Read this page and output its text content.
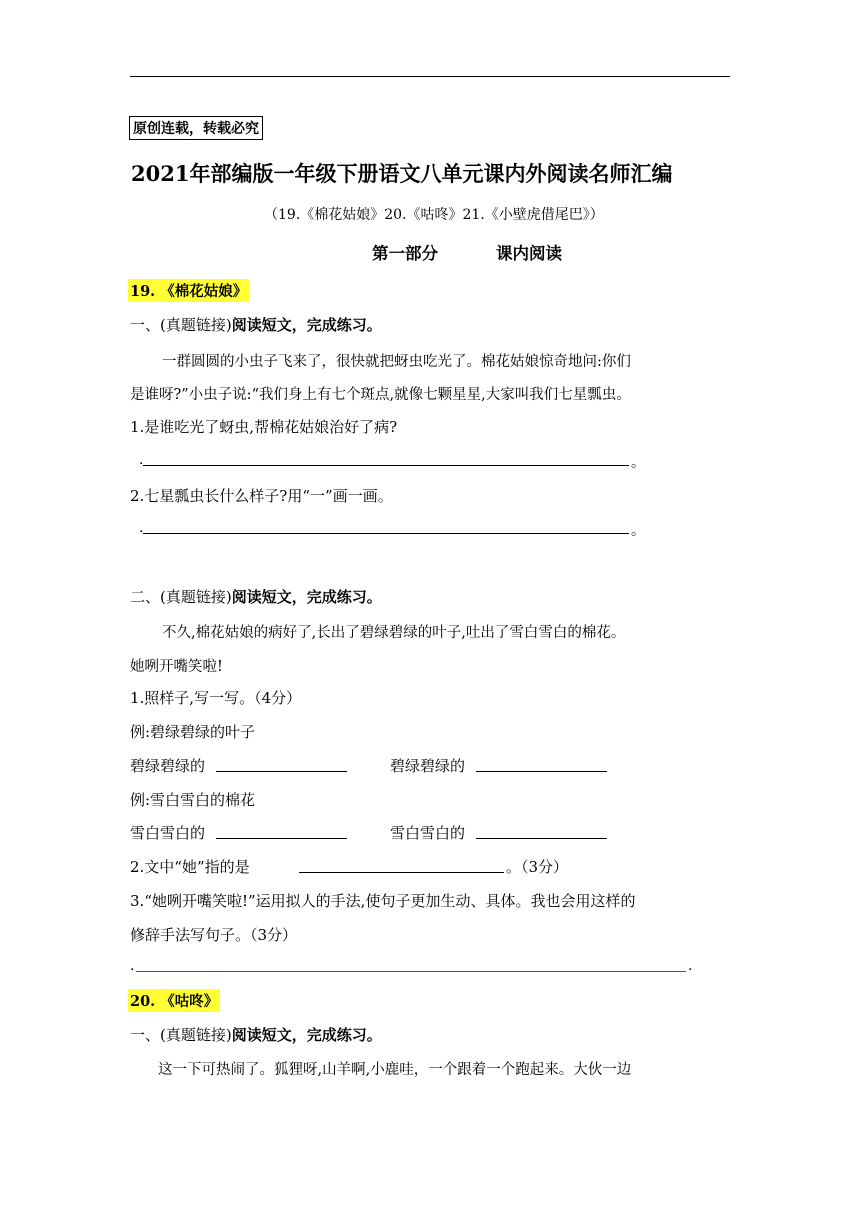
原创连载，转载必究
2021年部编版一年级下册语文八单元课内外阅读名师汇编
（19.《棉花姑娘》20.《咕咚》21.《小壁虎借尾巴》）
第一部分	课内阅读
19. 《棉花姑娘》
一、(真题链接)阅读短文，完成练习。
一群圆圆的小虫子飞来了，很快就把蚜虫吃光了。棉花姑娘惊奇地问:你们
是谁呀?”小虫子说:“我们身上有七个斑点,就像七颗星星,大家叫我们七星瓢虫。
1.是谁吃光了蚜虫,帮棉花姑娘治好了病?
.	。
2.七星瓢虫长什么样子?用“一”画一画。
.	。
二、(真题链接)阅读短文，完成练习。
不久,棉花姑娘的病好了,长出了碧绿碧绿的叶子,吐出了雪白雪白的棉花。
她咧开嘴笑啦!
1.照样子,写一写。（4分）
例:碧绿碧绿的叶子
碧绿碧绿的	碧绿碧绿的
例:雪白雪白的棉花
雪白雪白的	雪白雪白的
2.文中“她”指的是	。（3分）
3.“她咧开嘴笑啦!”运用拟人的手法,使句子更加生动、具体。我也会用这样的
修辞手法写句子。（3分）
.	.
20. 《咕咚》
一、(真题链接)阅读短文，完成练习。
这一下可热闹了。狐狸呀,山羊啊,小鹿哇，一个跟着一个跑起来。大伙一边
